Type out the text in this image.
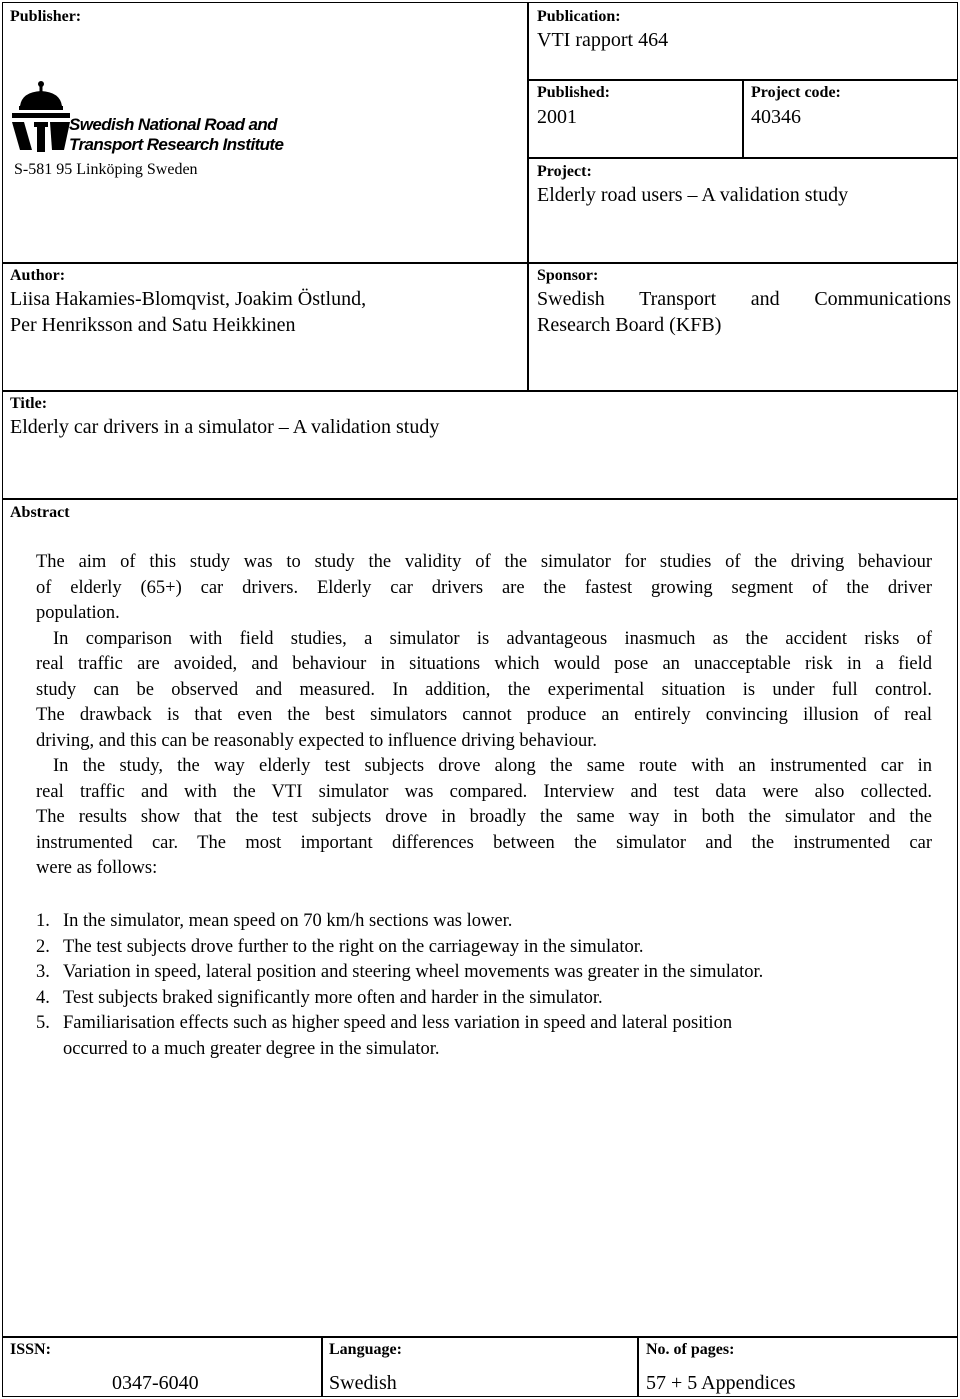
Publisher:
Swedish National Road and
Transport Research Institute
S-581 95 Linköping Sweden
Publication:
VTI rapport 464
Published:
2001
Project code:
40346
Project:
Elderly road users – A validation study
Author:
Liisa Hakamies-Blomqvist, Joakim Östlund,
Per Henriksson and Satu Heikkinen
Sponsor:
Swedish Transport and Communications
Research Board (KFB)
Title:
Elderly car drivers in a simulator – A validation study
Abstract
The aim of this study was to study the validity of the simulator for studies of the driving behaviour
of elderly (65+) car drivers. Elderly car drivers are the fastest growing segment of the driver
population.
In comparison with field studies, a simulator is advantageous inasmuch as the accident risks of
real traffic are avoided, and behaviour in situations which would pose an unacceptable risk in a field
study can be observed and measured. In addition, the experimental situation is under full control.
The drawback is that even the best simulators cannot produce an entirely convincing illusion of real
driving, and this can be reasonably expected to influence driving behaviour.
In the study, the way elderly test subjects drove along the same route with an instrumented car in
real traffic and with the VTI simulator was compared. Interview and test data were also collected.
The results show that the test subjects drove in broadly the same way in both the simulator and the
instrumented car. The most important differences between the simulator and the instrumented car
were as follows:
1. In the simulator, mean speed on 70 km/h sections was lower.
2. The test subjects drove further to the right on the carriageway in the simulator.
3. Variation in speed, lateral position and steering wheel movements was greater in the simulator.
4. Test subjects braked significantly more often and harder in the simulator.
5. Familiarisation effects such as higher speed and less variation in speed and lateral position
occurred to a much greater degree in the simulator.
ISSN:
0347-6040
Language:
Swedish
No. of pages:
57 + 5 Appendices
